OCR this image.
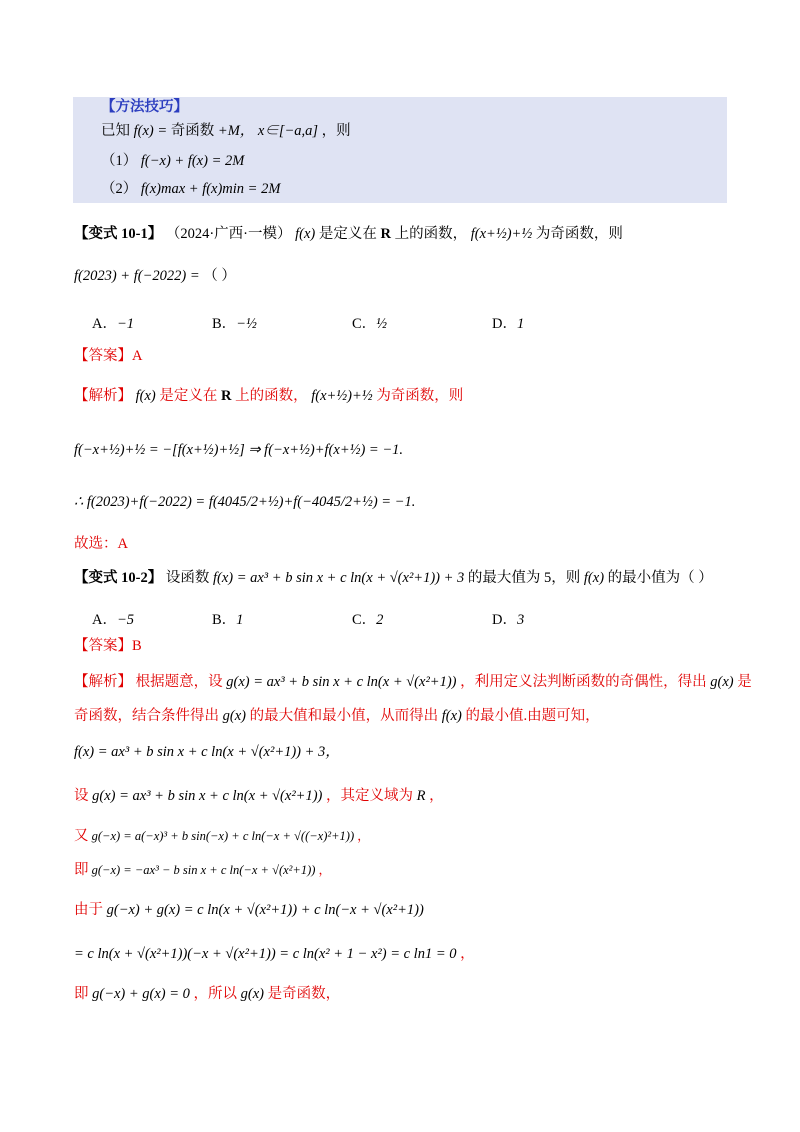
【方法技巧】
已知 f(x) = 奇函数 +M， x∈[−a,a] ，则
（1） f(−x) + f(x) = 2M
（2） f(x)max + f(x)min = 2M
【变式 10-1】 （2024·广西·一模） f(x) 是定义在 R 上的函数， f(x+½)+½ 为奇函数，则
f(2023) + f(−2022) = （ ）
A．−1	B．−½	C．½	D．1
【答案】A
【解析】 f(x) 是定义在 R 上的函数， f(x+½)+½ 为奇函数，则
f(−x+½)+½ = −[f(x+½)+½] ⇒ f(−x+½)+f(x+½) = −1.
∴ f(2023)+f(−2022) = f(4045/2+½)+f(−4045/2+½) = −1.
故选：A
【变式 10-2】 设函数 f(x) = ax³ + b sin x + c ln(x + √(x²+1)) + 3 的最大值为 5，则 f(x) 的最小值为（ ）
A．−5	B．1	C．2	D．3
【答案】B
【解析】 根据题意，设 g(x) = ax³ + b sin x + c ln(x + √(x²+1)) ，利用定义法判断函数的奇偶性，得出 g(x) 是
奇函数，结合条件得出 g(x) 的最大值和最小值，从而得出 f(x) 的最小值.由题可知，
f(x) = ax³ + b sin x + c ln(x + √(x²+1)) + 3，
设 g(x) = ax³ + b sin x + c ln(x + √(x²+1)) ，其定义域为 R ，
又 g(−x) = a(−x)³ + b sin(−x) + c ln(−x + √((−x)²+1)) ，
即 g(−x) = −ax³ − b sin x + c ln(−x + √(x²+1)) ，
由于 g(−x) + g(x) = c ln(x + √(x²+1)) + c ln(−x + √(x²+1))
= c ln(x + √(x²+1))(−x + √(x²+1)) = c ln(x² + 1 − x²) = c ln1 = 0 ，
即 g(−x) + g(x) = 0 ，所以 g(x) 是奇函数，
